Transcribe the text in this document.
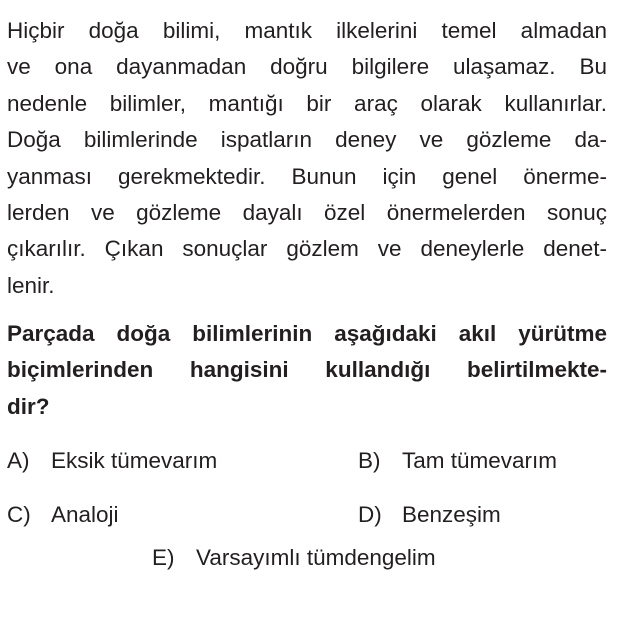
Hiçbir doğa bilimi, mantık ilkelerini temel almadan
ve ona dayanmadan doğru bilgilere ulaşamaz. Bu
nedenle bilimler, mantığı bir araç olarak kullanırlar.
Doğa bilimlerinde ispatların deney ve gözleme da-
yanması gerekmektedir. Bunun için genel önerme-
lerden ve gözleme dayalı özel önermelerden sonuç
çıkarılır. Çıkan sonuçlar gözlem ve deneylerle denet-
lenir.
Parçada doğa bilimlerinin aşağıdaki akıl yürütme
biçimlerinden hangisini kullandığı belirtilmekte-
dir?
A) Eksik tümevarım	B) Tam tümevarım
C) Analoji	D) Benzeşim
E) Varsayımlı tümdengelim
